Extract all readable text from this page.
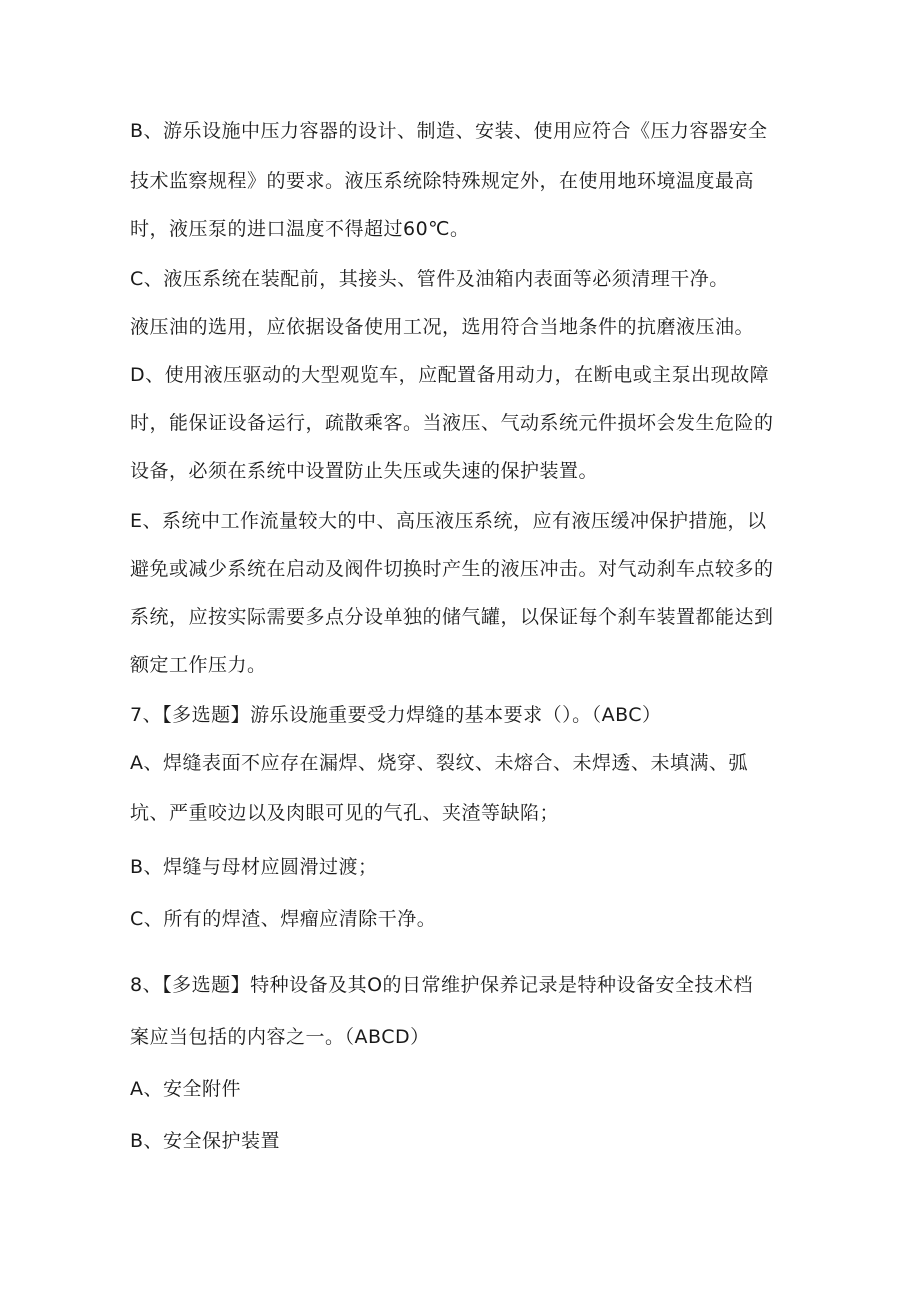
B、游乐设施中压力容器的设计、制造、安装、使用应符合《压力容器安全
技术监察规程》的要求。液压系统除特殊规定外，在使用地环境温度最高
时，液压泵的进口温度不得超过60℃。
C、液压系统在装配前，其接头、管件及油箱内表面等必须清理干净。
液压油的选用，应依据设备使用工况，选用符合当地条件的抗磨液压油。
D、使用液压驱动的大型观览车，应配置备用动力，在断电或主泵出现故障
时，能保证设备运行，疏散乘客。当液压、气动系统元件损坏会发生危险的
设备，必须在系统中设置防止失压或失速的保护装置。
E、系统中工作流量较大的中、高压液压系统，应有液压缓冲保护措施，以
避免或减少系统在启动及阀件切换时产生的液压冲击。对气动刹车点较多的
系统，应按实际需要多点分设单独的储气罐，以保证每个刹车装置都能达到
额定工作压力。
7、【多选题】游乐设施重要受力焊缝的基本要求（）。（ABC）
A、焊缝表面不应存在漏焊、烧穿、裂纹、未熔合、未焊透、未填满、弧
坑、严重咬边以及肉眼可见的气孔、夹渣等缺陷；
B、焊缝与母材应圆滑过渡；
C、所有的焊渣、焊瘤应清除干净。
8、【多选题】特种设备及其O的日常维护保养记录是特种设备安全技术档
案应当包括的内容之一。（ABCD）
A、安全附件
B、安全保护装置
